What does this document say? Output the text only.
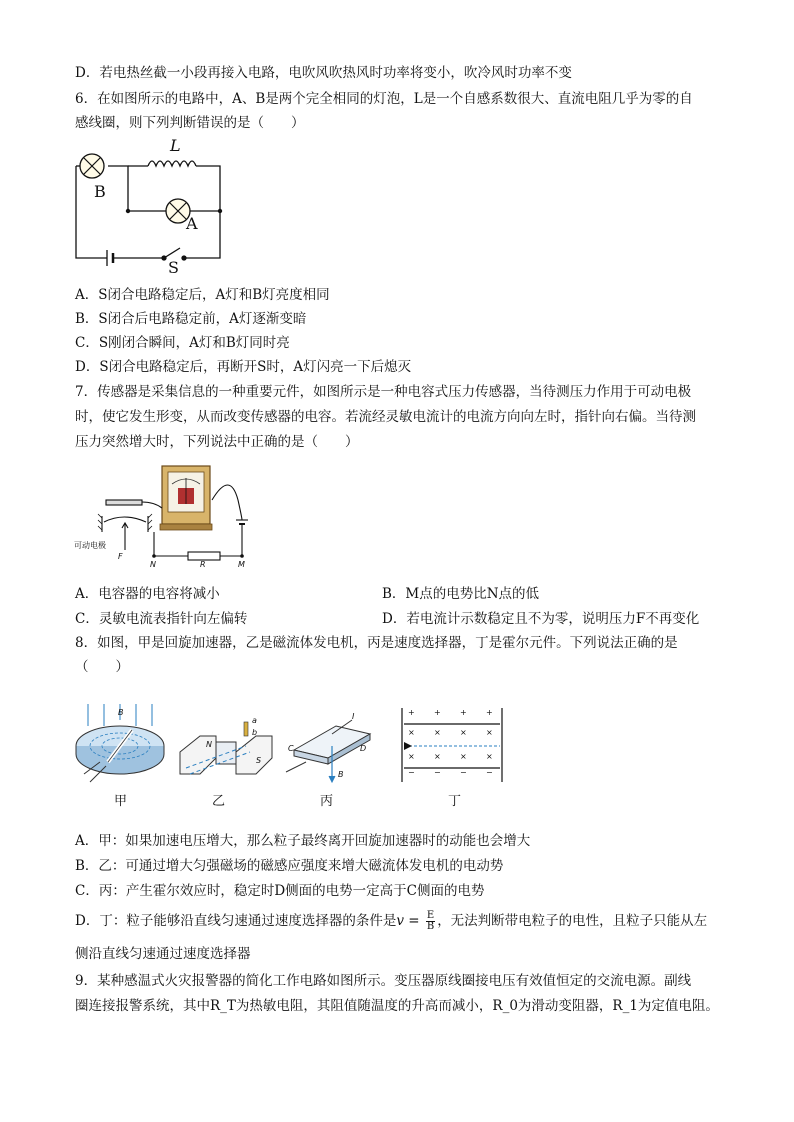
D．若电热丝截一小段再接入电路，电吹风吹热风时功率将变小，吹冷风时功率不变
6．在如图所示的电路中，A、B是两个完全相同的灯泡，L是一个自感系数很大、直流电阻几乎为零的自
感线圈，则下列判断错误的是（　　）
L
B
A
S
A．S闭合电路稳定后，A灯和B灯亮度相同
B．S闭合后电路稳定前，A灯逐渐变暗
C．S刚闭合瞬间，A灯和B灯同时亮
D．S闭合电路稳定后，再断开S时，A灯闪亮一下后熄灭
7．传感器是采集信息的一种重要元件，如图所示是一种电容式压力传感器，当待测压力作用于可动电极
时，使它发生形变，从而改变传感器的电容。若流经灵敏电流计的电流方向向左时，指针向右偏。当待测
压力突然增大时，下列说法中正确的是（　　）
可动电极
F
N	R	M
A．电容器的电容将减小	B．M点的电势比N点的低
C．灵敏电流表指针向左偏转	D．若电流计示数稳定且不为零，说明压力F不再变化
8．如图，甲是回旋加速器，乙是磁流体发电机，丙是速度选择器，丁是霍尔元件。下列说法正确的是
（　　）
B
甲
a
b
N
S
乙
I
C	D
B
丙
+ + + +
× × × ×
× × × ×
− − − −
丁
A．甲：如果加速电压增大，那么粒子最终离开回旋加速器时的动能也会增大
B．乙：可通过增大匀强磁场的磁感应强度来增大磁流体发电机的电动势
C．丙：产生霍尔效应时，稳定时D侧面的电势一定高于C侧面的电势
D．丁：粒子能够沿直线匀速通过速度选择器的条件是$v = \frac{E}{B}$ ，无法判断带电粒子的电性，且粒子只能从左
侧沿直线匀速通过速度选择器
9．某种感温式火灾报警器的简化工作电路如图所示。变压器原线圈接电压有效值恒定的交流电源。副线
圈连接报警系统，其中R_T为热敏电阻，其阻值随温度的升高而减小，R_0为滑动变阻器，R_1为定值电阻。
